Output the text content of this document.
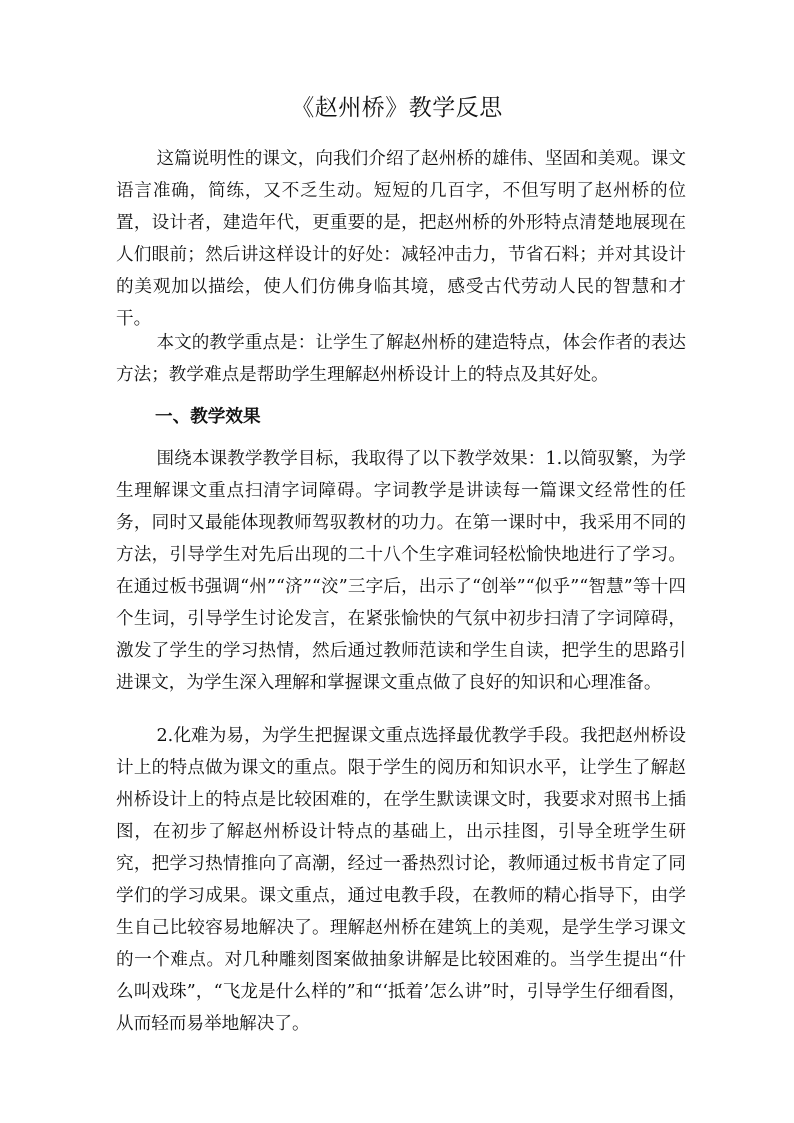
《赵州桥》教学反思

这篇说明性的课文，向我们介绍了赵州桥的雄伟、坚固和美观。课文语言准确，简练，又不乏生动。短短的几百字，不但写明了赵州桥的位置，设计者，建造年代，更重要的是，把赵州桥的外形特点清楚地展现在人们眼前；然后讲这样设计的好处：减轻冲击力，节省石料；并对其设计的美观加以描绘，使人们仿佛身临其境，感受古代劳动人民的智慧和才干。

本文的教学重点是：让学生了解赵州桥的建造特点，体会作者的表达方法；教学难点是帮助学生理解赵州桥设计上的特点及其好处。

一、教学效果

围绕本课教学教学目标，我取得了以下教学效果：1.以简驭繁，为学生理解课文重点扫清字词障碍。字词教学是讲读每一篇课文经常性的任务，同时又最能体现教师驾驭教材的功力。在第一课时中，我采用不同的方法，引导学生对先后出现的二十八个生字难词轻松愉快地进行了学习。在通过板书强调“州”“济”“洨”三字后，出示了“创举”“似乎”“智慧”等十四个生词，引导学生讨论发言，在紧张愉快的气氛中初步扫清了字词障碍，激发了学生的学习热情，然后通过教师范读和学生自读，把学生的思路引进课文，为学生深入理解和掌握课文重点做了良好的知识和心理准备。

2.化难为易，为学生把握课文重点选择最优教学手段。我把赵州桥设计上的特点做为课文的重点。限于学生的阅历和知识水平，让学生了解赵州桥设计上的特点是比较困难的，在学生默读课文时，我要求对照书上插图，在初步了解赵州桥设计特点的基础上，出示挂图，引导全班学生研究，把学习热情推向了高潮，经过一番热烈讨论，教师通过板书肯定了同学们的学习成果。课文重点，通过电教手段，在教师的精心指导下，由学生自己比较容易地解决了。理解赵州桥在建筑上的美观，是学生学习课文的一个难点。对几种雕刻图案做抽象讲解是比较困难的。当学生提出“什么叫戏珠”，“飞龙是什么样的”和“‘抵着’怎么讲”时，引导学生仔细看图，从而轻而易举地解决了。
